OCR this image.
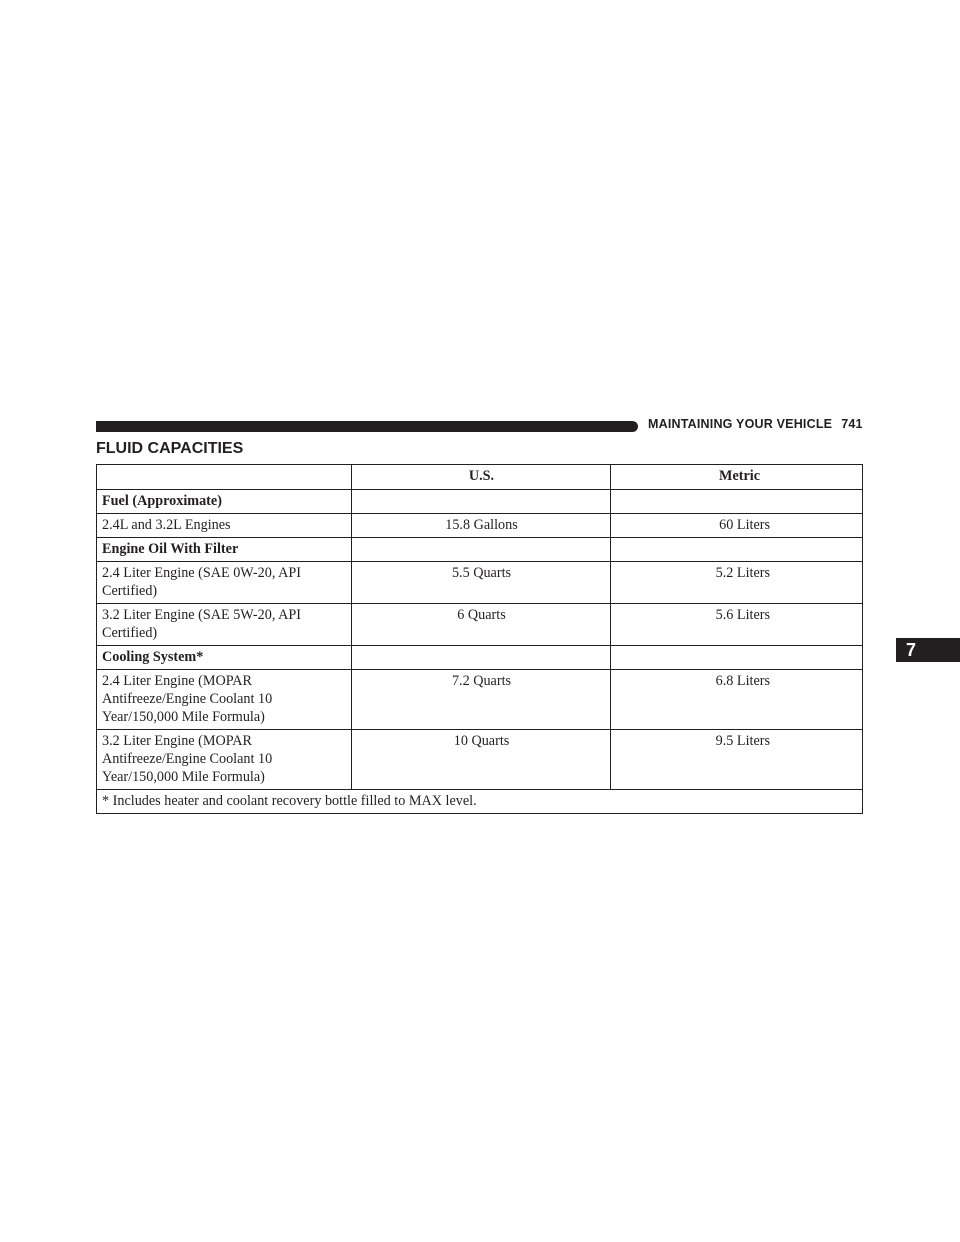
MAINTAINING YOUR VEHICLE 741
FLUID CAPACITIES
7
	U.S.	Metric
Fuel (Approximate)		
2.4L and 3.2L Engines	15.8 Gallons	60 Liters
Engine Oil With Filter		
2.4 Liter Engine (SAE 0W-20, API Certified)	5.5 Quarts	5.2 Liters
3.2 Liter Engine (SAE 5W-20, API Certified)	6 Quarts	5.6 Liters
Cooling System*		
2.4 Liter Engine (MOPAR Antifreeze/Engine Coolant 10 Year/150,000 Mile Formula)	7.2 Quarts	6.8 Liters
3.2 Liter Engine (MOPAR Antifreeze/Engine Coolant 10 Year/150,000 Mile Formula)	10 Quarts	9.5 Liters
* Includes heater and coolant recovery bottle filled to MAX level.		
